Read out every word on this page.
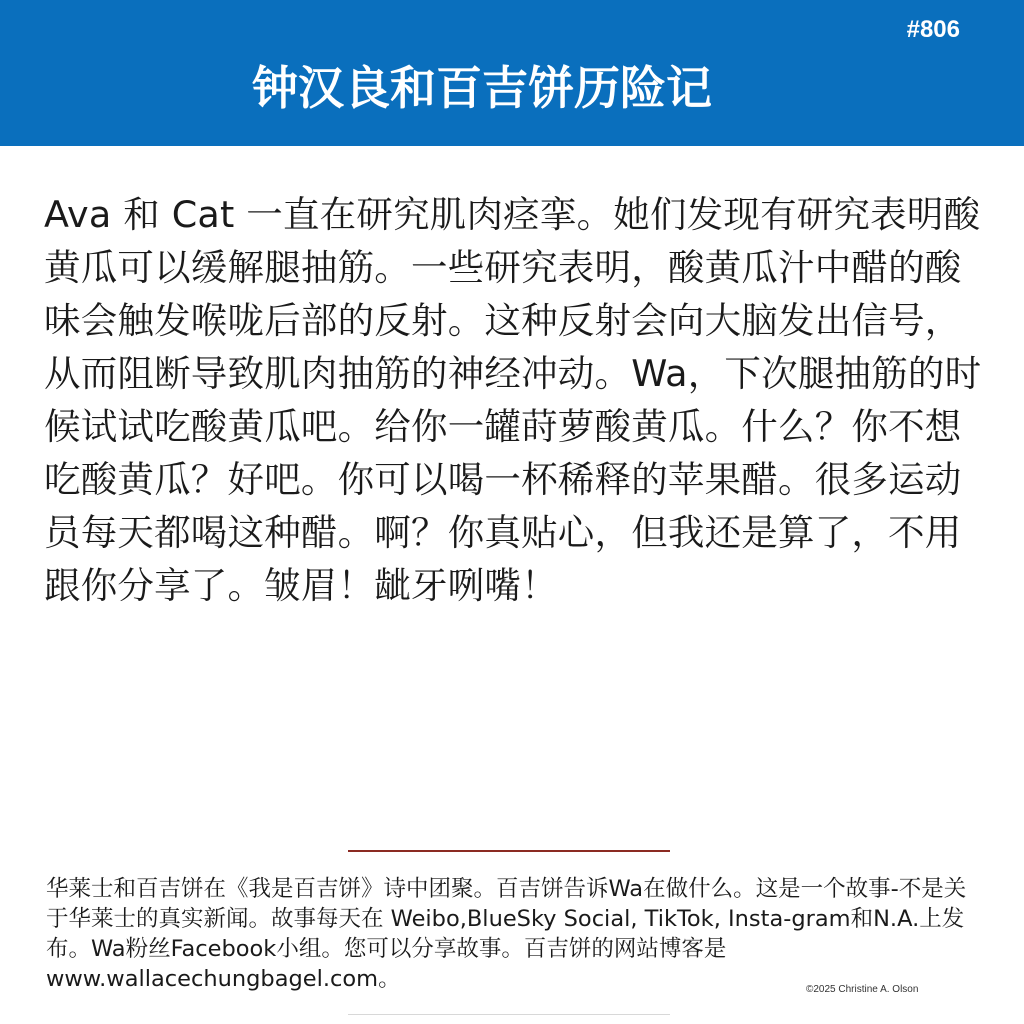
#806
钟汉良和百吉饼历险记

Ava 和 Cat 一直在研究肌肉痉挛。她们发现有研究表明酸黄瓜可以缓解腿抽筋。一些研究表明，酸黄瓜汁中醋的酸味会触发喉咙后部的反射。这种反射会向大脑发出信号，从而阻断导致肌肉抽筋的神经冲动。Wa，下次腿抽筋的时候试试吃酸黄瓜吧。给你一罐莳萝酸黄瓜。什么？你不想吃酸黄瓜？好吧。你可以喝一杯稀释的苹果醋。很多运动员每天都喝这种醋。啊？你真贴心，但我还是算了，不用跟你分享了。皱眉！龇牙咧嘴！

华莱士和百吉饼在《我是百吉饼》诗中团聚。百吉饼告诉Wa在做什么。这是一个故事-不是关于华莱士的真实新闻。故事每天在 Weibo,BlueSky Social, TikTok, Insta-gram和N.A.上发布。Wa粉丝Facebook小组。您可以分享故事。百吉饼的网站博客是www.wallacechungbagel.com。	©2025 Christine A. Olson
